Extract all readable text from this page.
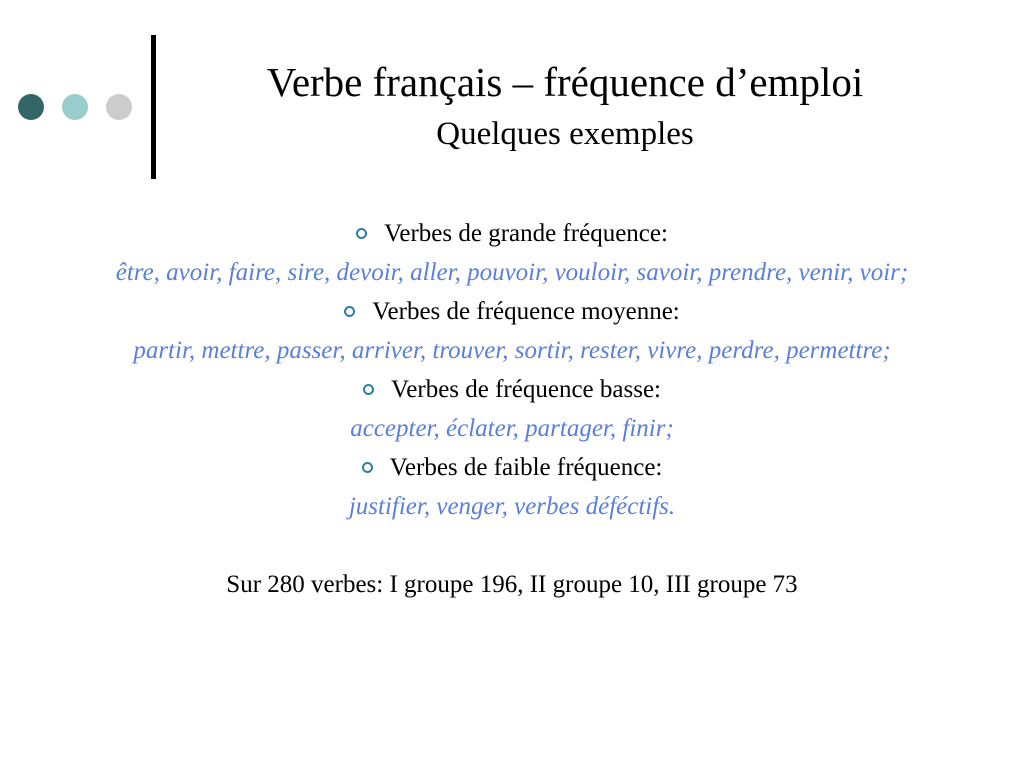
Verbe français – fréquence d’emploi
Quelques exemples
Verbes de grande fréquence:
être, avoir, faire, sire, devoir, aller, pouvoir, vouloir, savoir, prendre, venir, voir;
Verbes de fréquence moyenne:
partir, mettre, passer, arriver, trouver, sortir, rester, vivre, perdre, permettre;
Verbes de fréquence basse:
accepter, éclater, partager, finir;
Verbes de faible fréquence:
justifier, venger, verbes déféctifs.
Sur 280 verbes: I groupe 196, II groupe 10, III groupe 73
